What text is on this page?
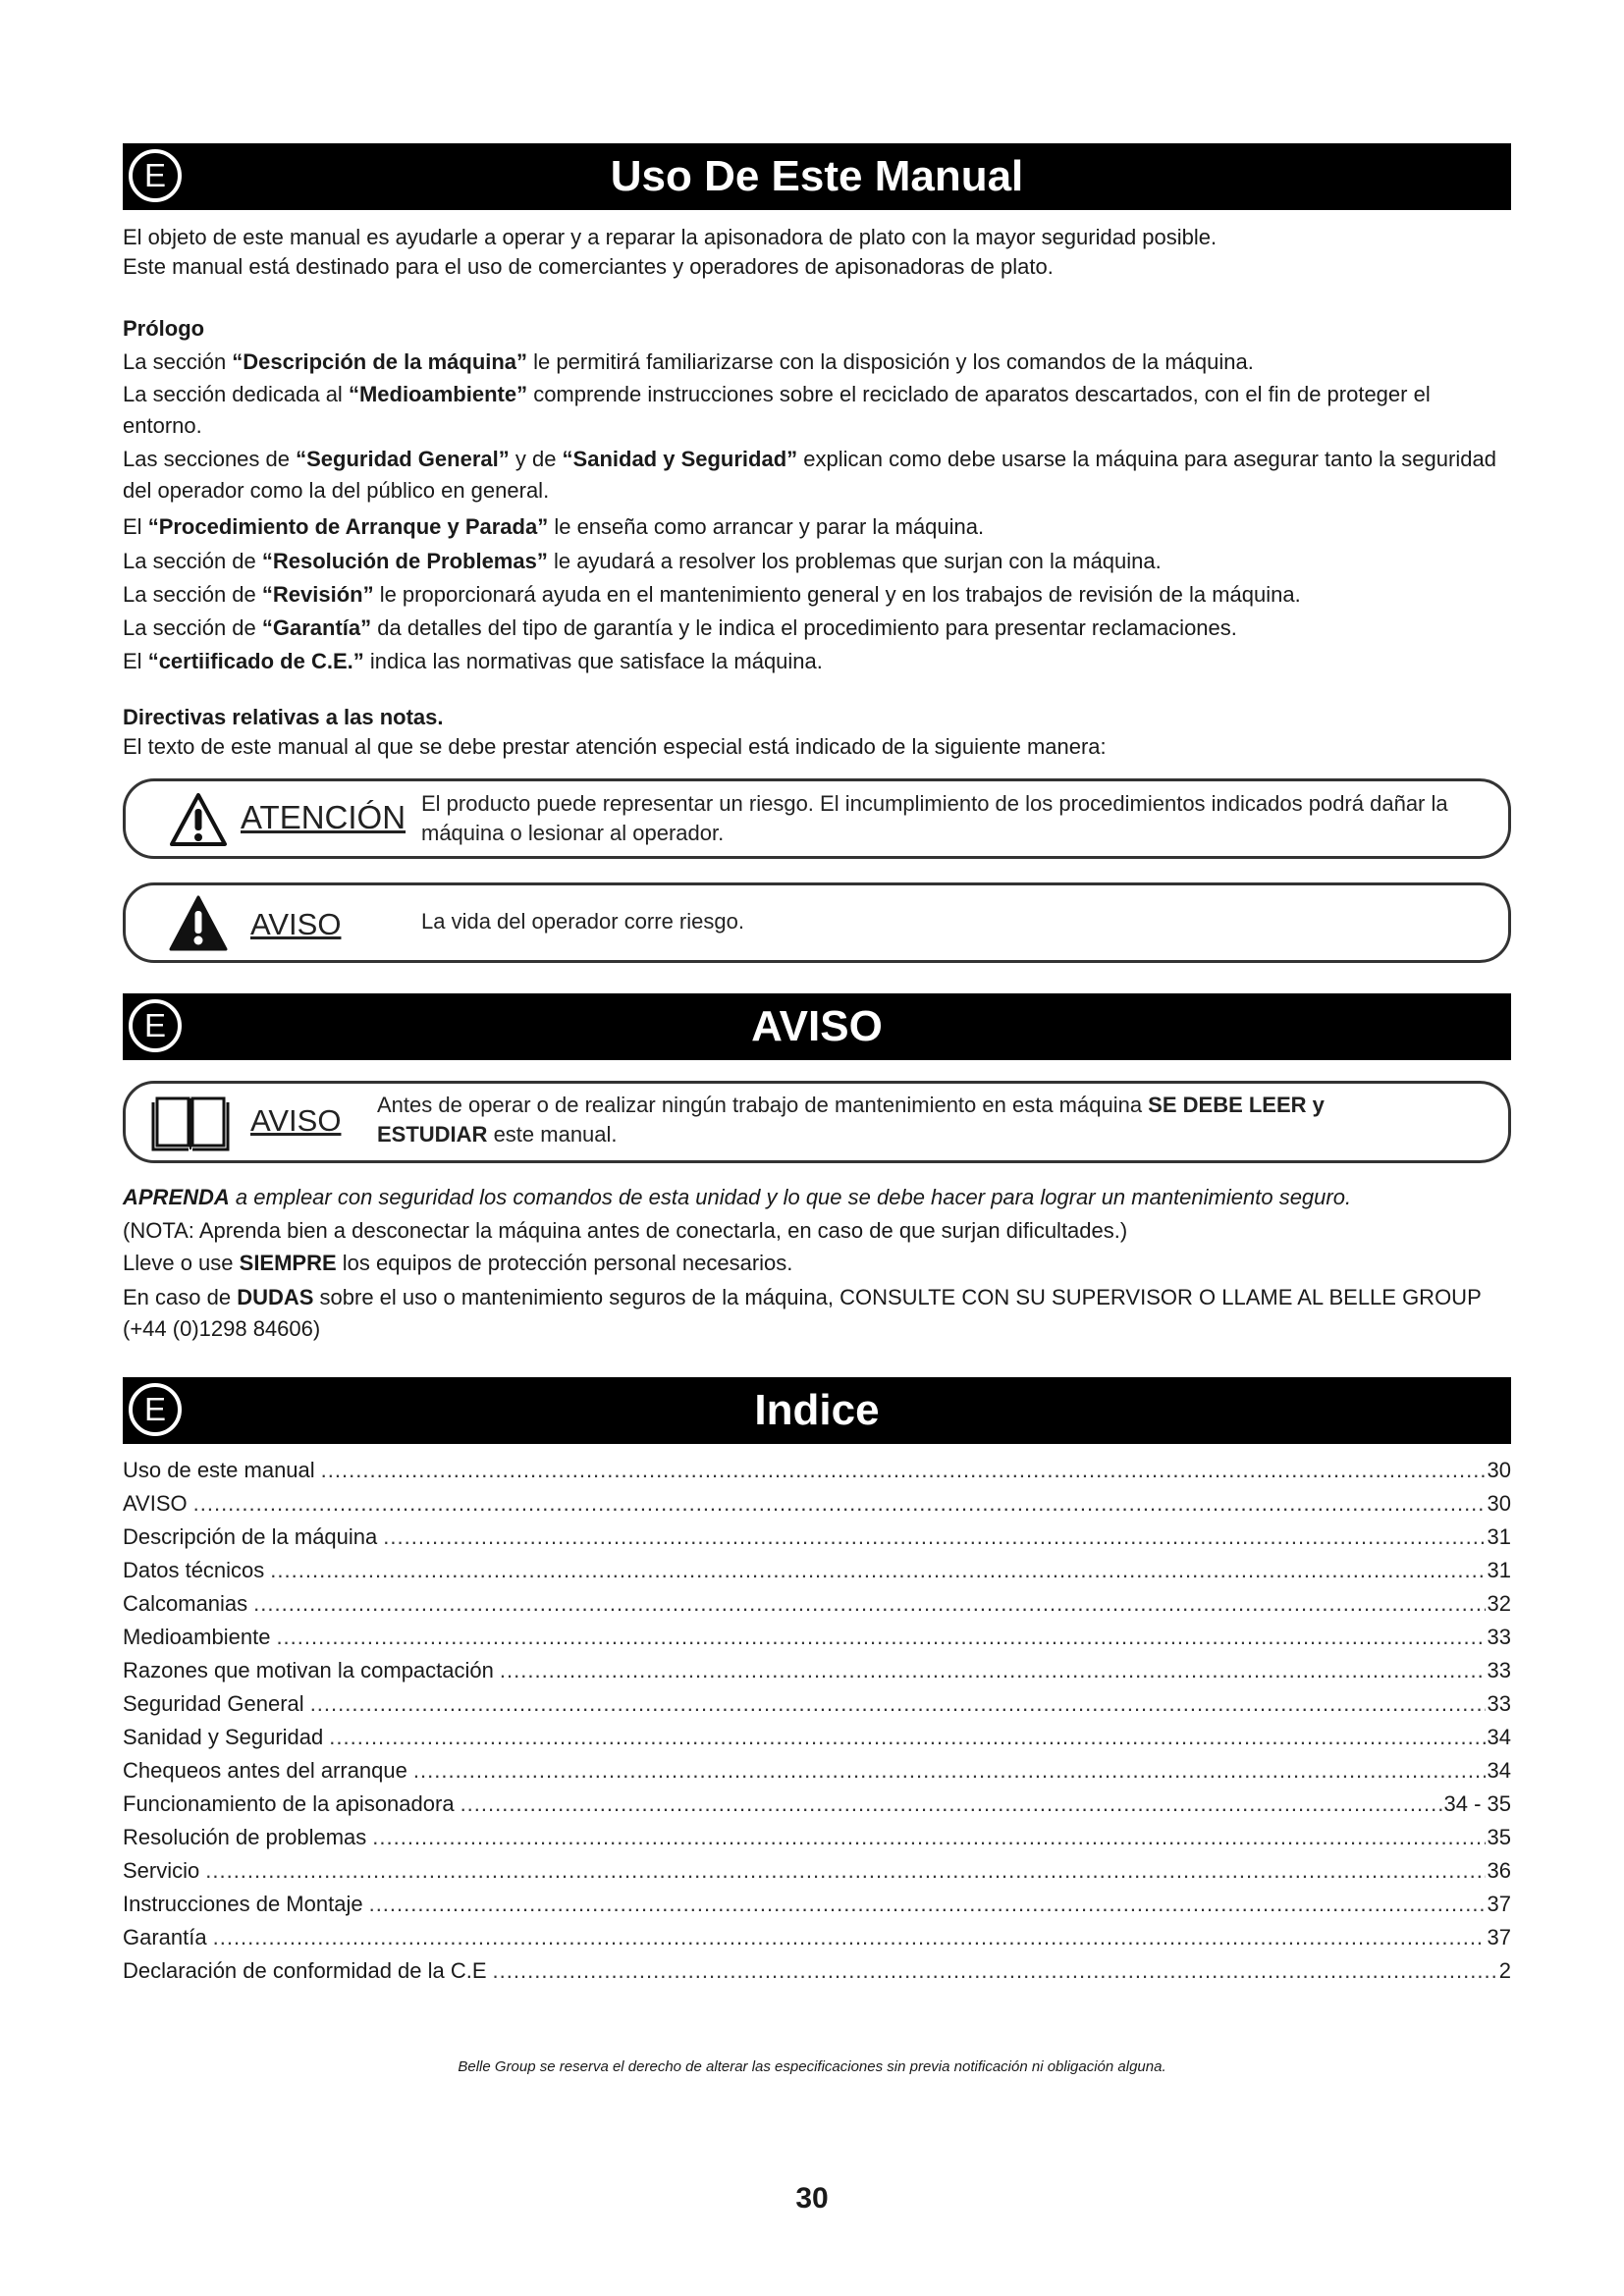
E	Uso De Este Manual

El objeto de este manual es ayudarle a operar y a reparar la apisonadora de plato con la mayor seguridad posible.

Este manual está destinado para el uso de comerciantes y operadores de apisonadoras de plato.

Prólogo

La sección “Descripción de la máquina” le permitirá familiarizarse con la disposición y los comandos de la máquina.

La sección dedicada al “Medioambiente” comprende instrucciones sobre el reciclado de aparatos descartados, con el fin de proteger el entorno.

Las secciones de “Seguridad General” y de “Sanidad y Seguridad” explican como debe usarse la máquina para asegurar tanto la seguridad del operador como la del público en general.

El “Procedimiento de Arranque y Parada” le enseña como arrancar y parar la máquina.

La sección de “Resolución de Problemas” le ayudará a resolver los problemas que surjan con la máquina.

La sección de “Revisión” le proporcionará ayuda en el mantenimiento general y en los trabajos de revisión de la máquina.

La sección de “Garantía” da detalles del tipo de garantía y le indica el procedimiento para presentar reclamaciones.

El “certiificado de C.E.” indica las normativas que satisface la máquina.

Directivas relativas a las notas.

El texto de este manual al que se debe prestar atención especial está indicado de la siguiente manera:

ATENCIÓN El producto puede representar un riesgo. El incumplimiento de los procedimientos indicados podrá dañar la máquina o lesionar al operador.
AVISO	La vida del operador corre riesgo.
E	AVISO
AVISO Antes de operar o de realizar ningún trabajo de mantenimiento en esta máquina SE DEBE LEER y ESTUDIAR este manual.

APRENDA a emplear con seguridad los comandos de esta unidad y lo que se debe hacer para lograr un mantenimiento seguro.

(NOTA: Aprenda bien a desconectar la máquina antes de conectarla, en caso de que surjan dificultades.)

Lleve o use SIEMPRE los equipos de protección personal necesarios.

En caso de DUDAS sobre el uso o mantenimiento seguros de la máquina, CONSULTE CON SU SUPERVISOR O LLAME AL BELLE GROUP (+44 (0)1298 84606)

E	Indice
Uso de este manual .....	30
AVISO .....	30
Descripción de la máquina .....	31
Datos técnicos .....	31
Calcomanias .....	32
Medioambiente .....	33
Razones que motivan la compactación .....	33
Seguridad General .....	33
Sanidad y Seguridad .....	34
Chequeos antes del arranque .....	34
Funcionamiento de la apisonadora .....	34 - 35
Resolución de problemas .....	35
Servicio .....	36
Instrucciones de Montaje .....	37
Garantía .....	37
Declaración de conformidad de la C.E .....	2
Belle Group se reserva el derecho de alterar las especificaciones sin previa notificación ni obligación alguna.
30
